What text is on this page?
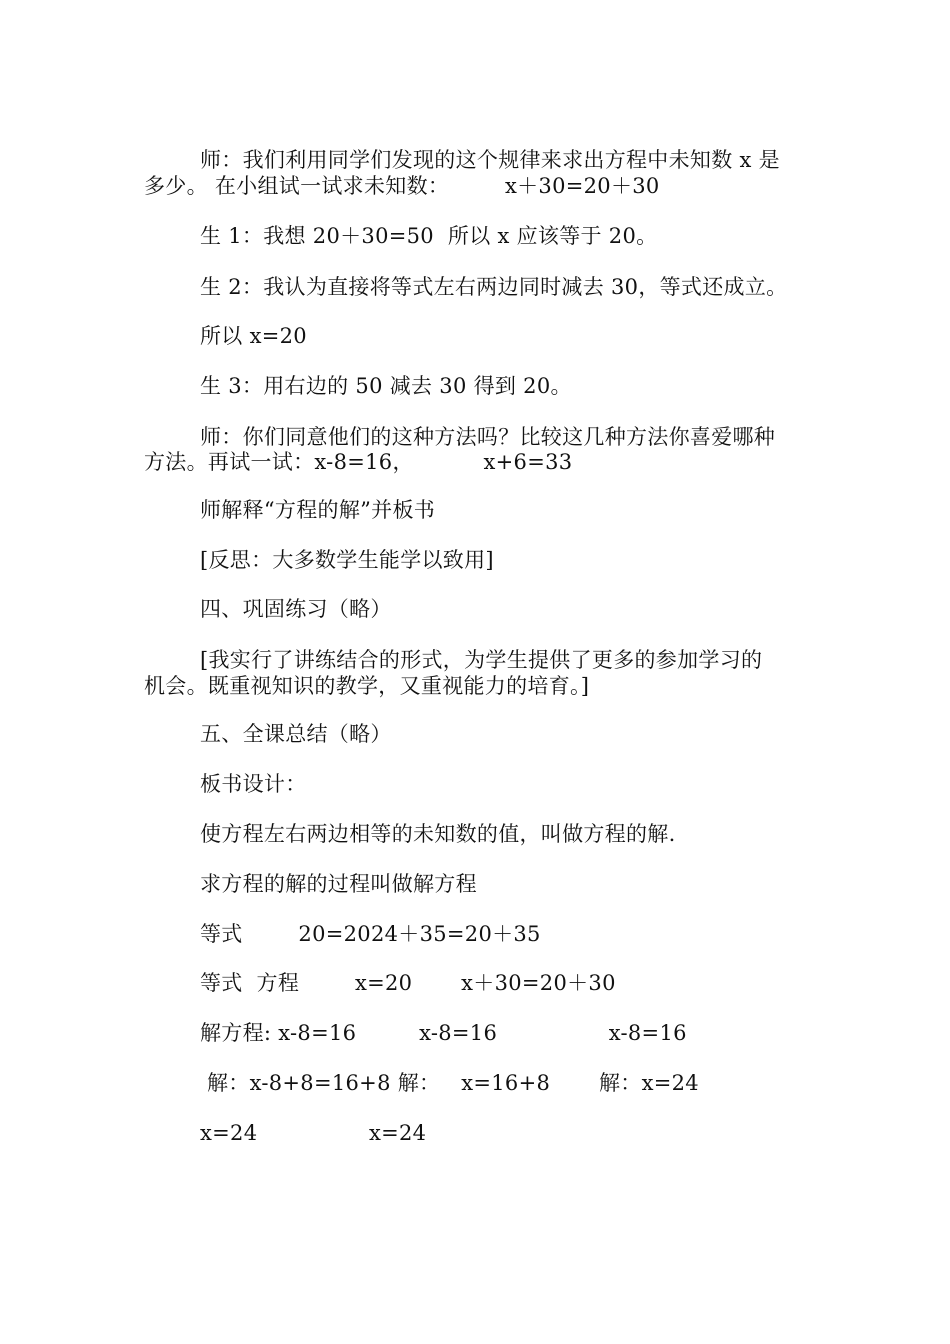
师：我们利用同学们发现的这个规律来求出方程中未知数 x 是
多少。 在小组试一试求未知数：        x＋30=20＋30
生 1：我想 20＋30=50  所以 x 应该等于 20。
生 2：我认为直接将等式左右两边同时减去 30，等式还成立。
所以 x=20
生 3：用右边的 50 减去 30 得到 20。
师：你们同意他们的这种方法吗？比较这几种方法你喜爱哪种
方法。再试一试：x-8=16，          x+6=33
师解释“方程的解”并板书
[反思：大多数学生能学以致用]
四、巩固练习（略）
[我实行了讲练结合的形式，为学生提供了更多的参加学习的
机会。既重视知识的教学，又重视能力的培育。]
五、全课总结（略）
板书设计：
使方程左右两边相等的未知数的值，叫做方程的解.
求方程的解的过程叫做解方程
等式        20=2024＋35=20＋35
等式  方程        x=20       x＋30=20＋30
解方程: x-8=16         x-8=16                x-8=16
解：x-8+8=16+8 解：   x=16+8       解：x=24
x=24                x=24
